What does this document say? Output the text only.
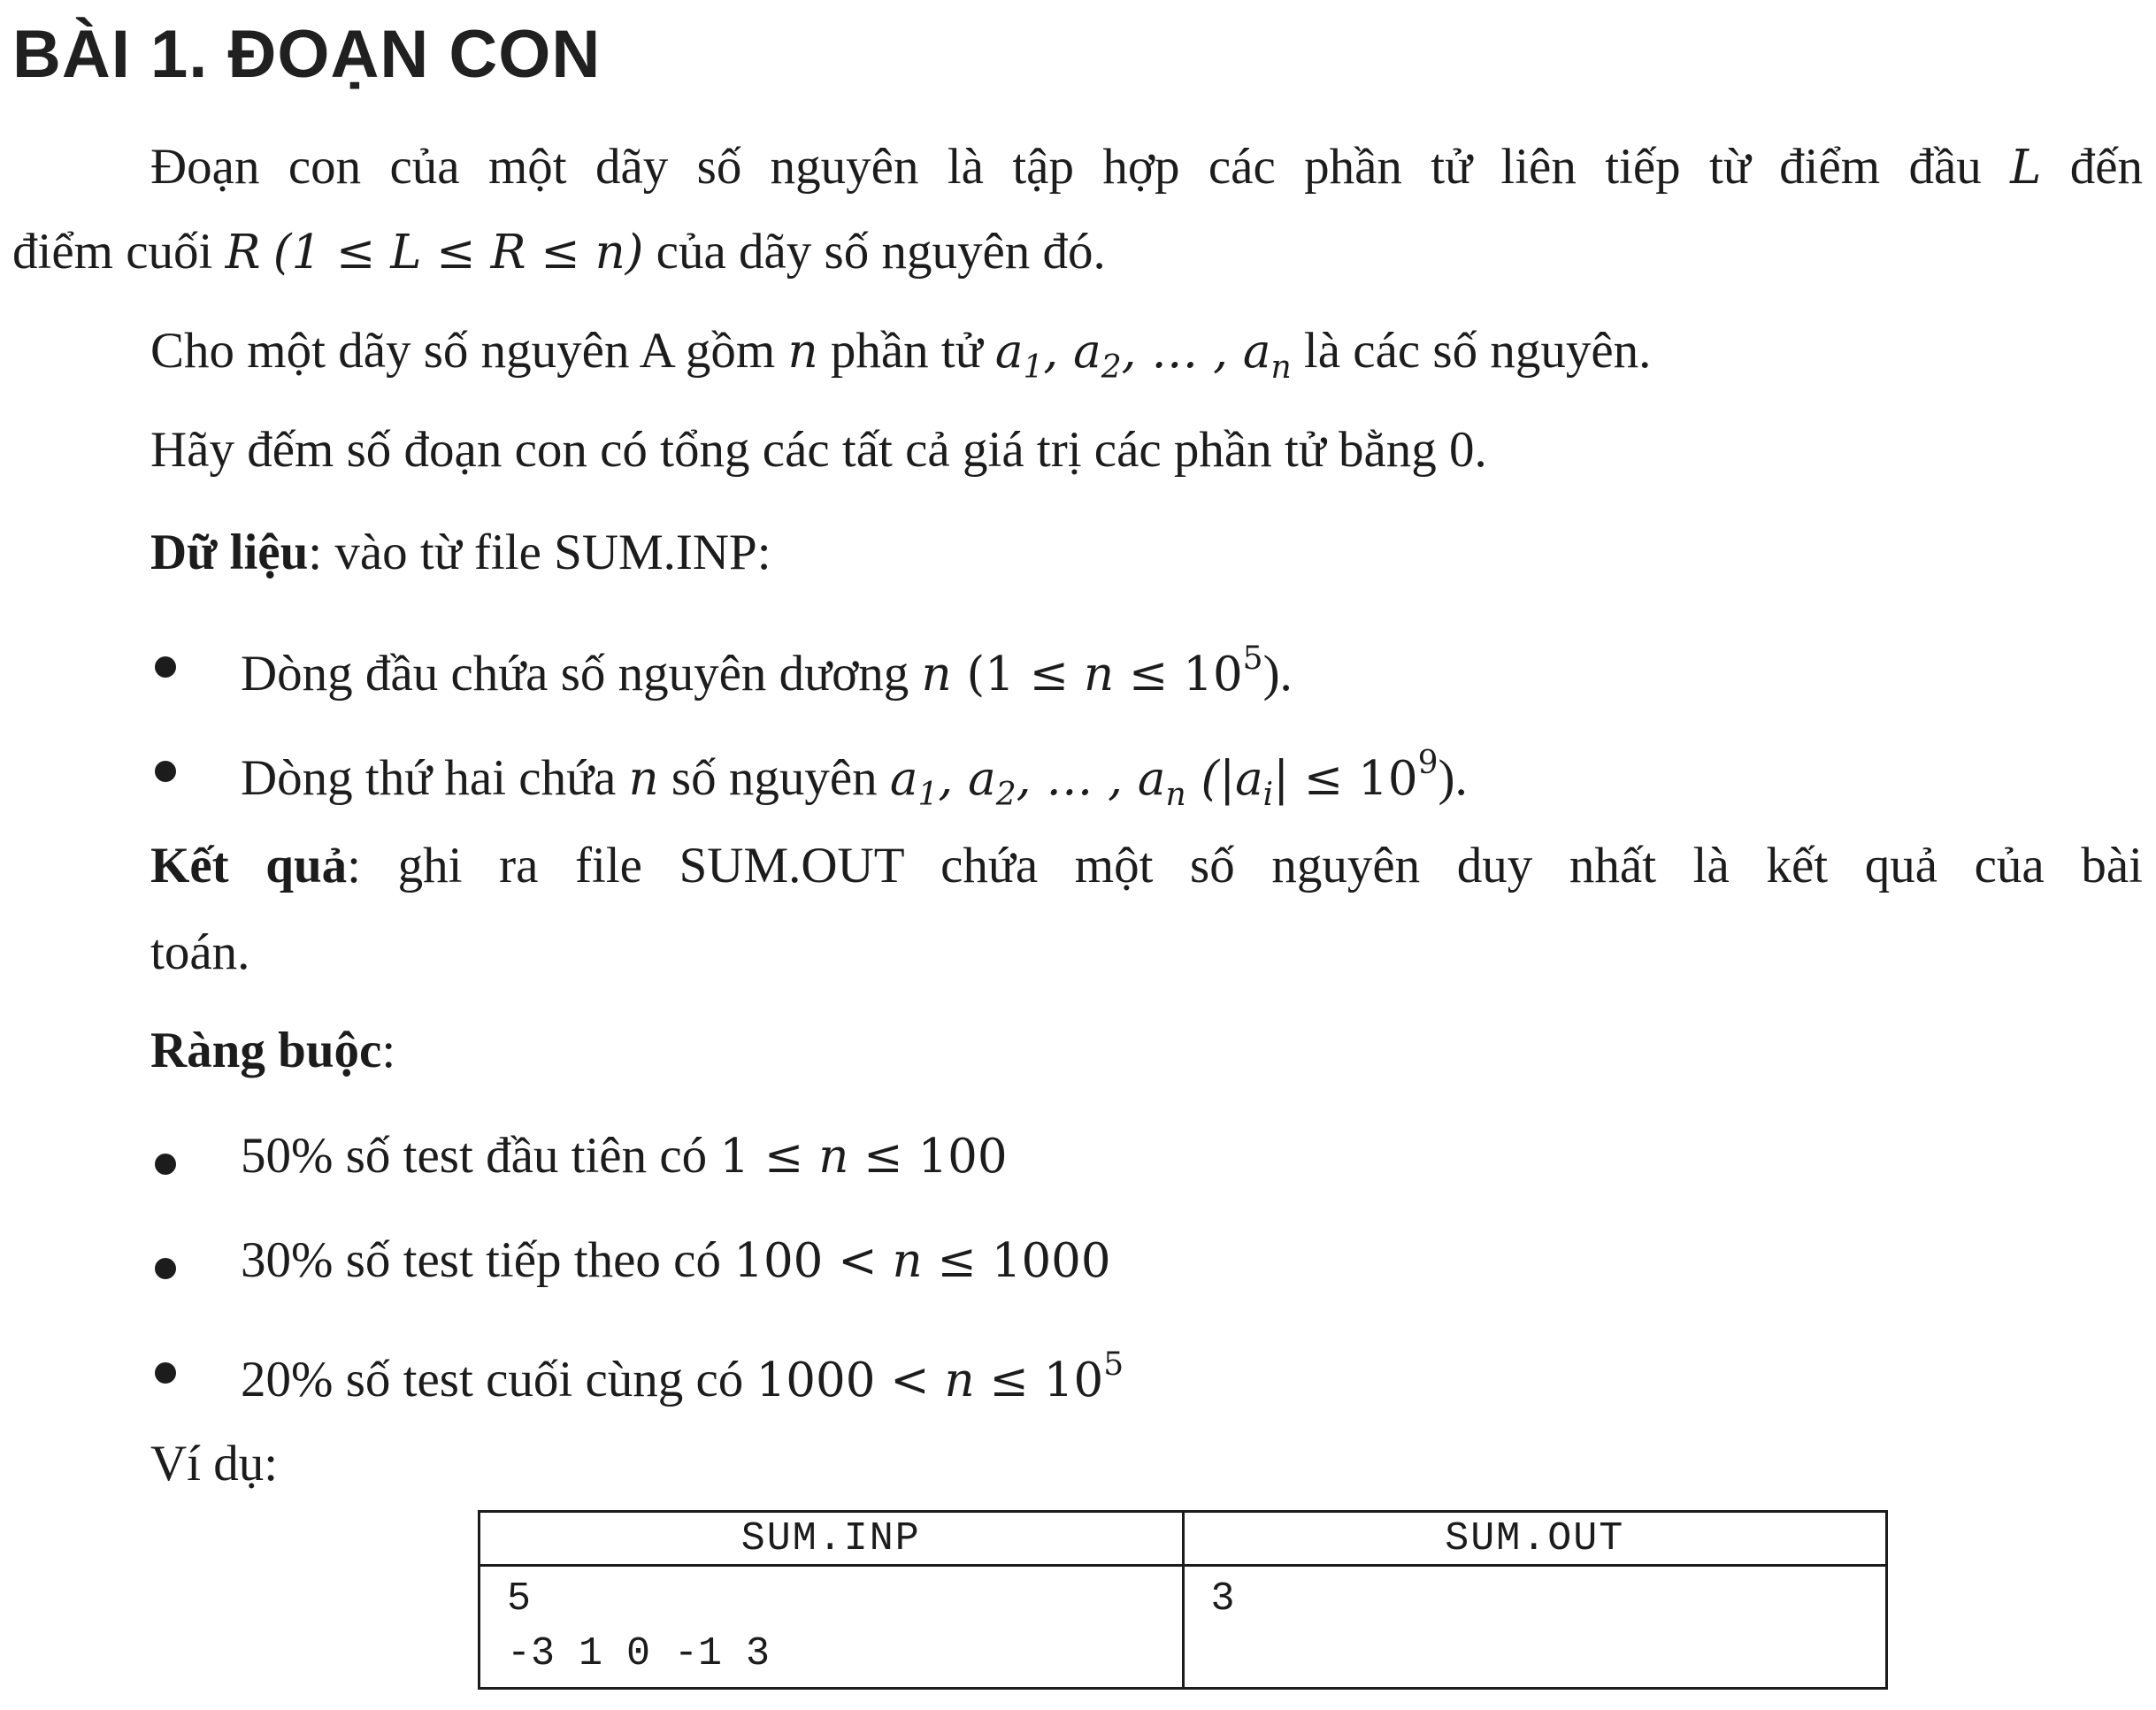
BÀI 1. ĐOẠN CON
Đoạn con của một dãy số nguyên là tập hợp các phần tử liên tiếp từ điểm đầu L đến
điểm cuối R (1 ≤ L ≤ R ≤ n) của dãy số nguyên đó.
Cho một dãy số nguyên A gồm n phần tử $a_1$, $a_2$, … , $a_n$ là các số nguyên.
Hãy đếm số đoạn con có tổng các tất cả giá trị các phần tử bằng 0.
Dữ liệu: vào từ file SUM.INP:
Dòng đầu chứa số nguyên dương n $(1 \le n \le 10^5)$.
Dòng thứ hai chứa n số nguyên $a_1$, $a_2$, … , $a_n$ $(|a_i| \le 10^9)$.
Kết quả: ghi ra file SUM.OUT chứa một số nguyên duy nhất là kết quả của bài
toán.
Ràng buộc:
50% số test đầu tiên có 1 ≤ n ≤ 100
30% số test tiếp theo có 100 < n ≤ 1000
20% số test cuối cùng có $1000 < n \le 10^5$
Ví dụ:
SUM.INP	SUM.OUT
5
-3 1 0 -1 3	3
